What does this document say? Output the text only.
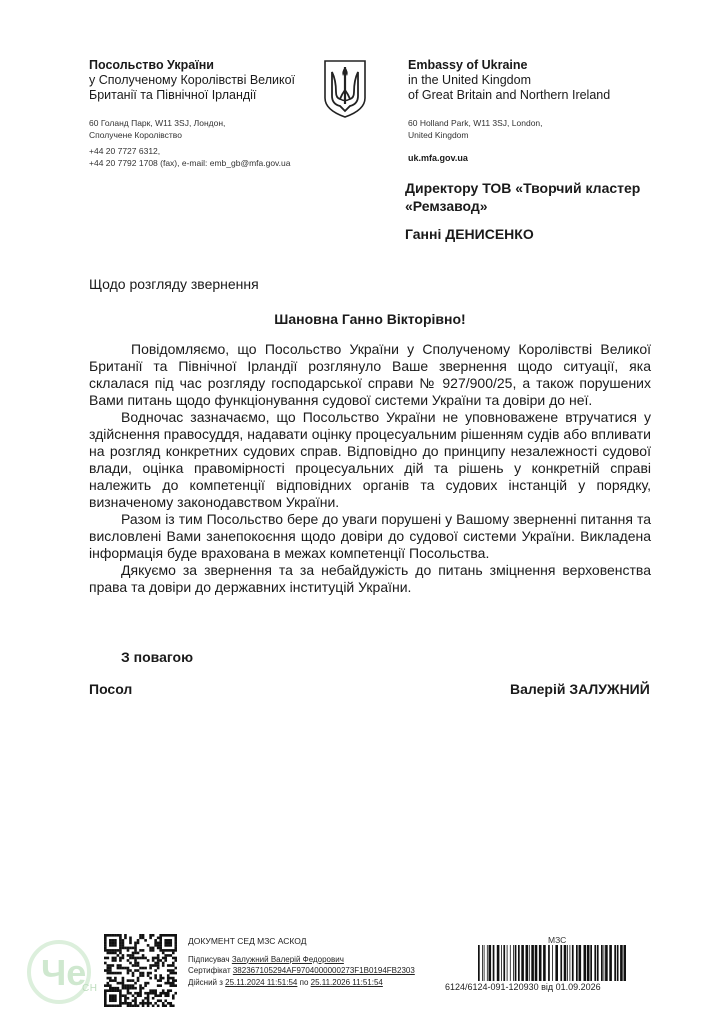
Посольство України
у Сполученому Королівстві Великої
Британії та Північної Ірландії
60 Голанд Парк, W11 3SJ, Лондон,
Сполучене Королівство
+44 20 7727 6312,
+44 20 7792 1708 (fax), e-mail: emb_gb@mfa.gov.ua
Embassy of Ukraine
in the United Kingdom
of Great Britain and Northern Ireland
60 Holland Park, W11 3SJ, London,
United Kingdom
uk.mfa.gov.ua
Директору ТОВ «Творчий кластер
«Ремзавод»
Ганні ДЕНИСЕНКО
Щодо розгляду звернення
Шановна Ганно Вікторівно!

Повідомляємо, що Посольство України у Сполученому Королівстві Великої Британії та Північної Ірландії розглянуло Ваше звернення щодо ситуації, яка склалася під час розгляду господарської справи № 927/900/25, а також порушених Вами питань щодо функціонування судової системи України та довіри до неї.

Водночас зазначаємо, що Посольство України не уповноважене втручатися у здійснення правосуддя, надавати оцінку процесуальним рішенням судів або впливати на розгляд конкретних судових справ. Відповідно до принципу незалежності судової влади, оцінка правомірності процесуальних дій та рішень у конкретній справі належить до компетенції відповідних органів та судових інстанцій у порядку, визначеному законодавством України.

Разом із тим Посольство бере до уваги порушені у Вашому зверненні питання та висловлені Вами занепокоєння щодо довіри до судової системи України. Викладена інформація буде врахована в межах компетенції Посольства.

Дякуємо за звернення та за небайдужість до питань зміцнення верховенства права та довіри до державних інституцій України.

З повагою
Посол	Валерій ЗАЛУЖНИЙ
Чe
CH
ДОКУМЕНТ СЕД МЗС АСКОД
Підписувач Залужний Валерій Федорович
Сертифікат 382367105294AF9704000000273F1B0194FB2303
Дійсний з 25.11.2024 11:51:54 по 25.11.2026 11:51:54
МЗС
6124/6124-091-120930 від 01.09.2026
